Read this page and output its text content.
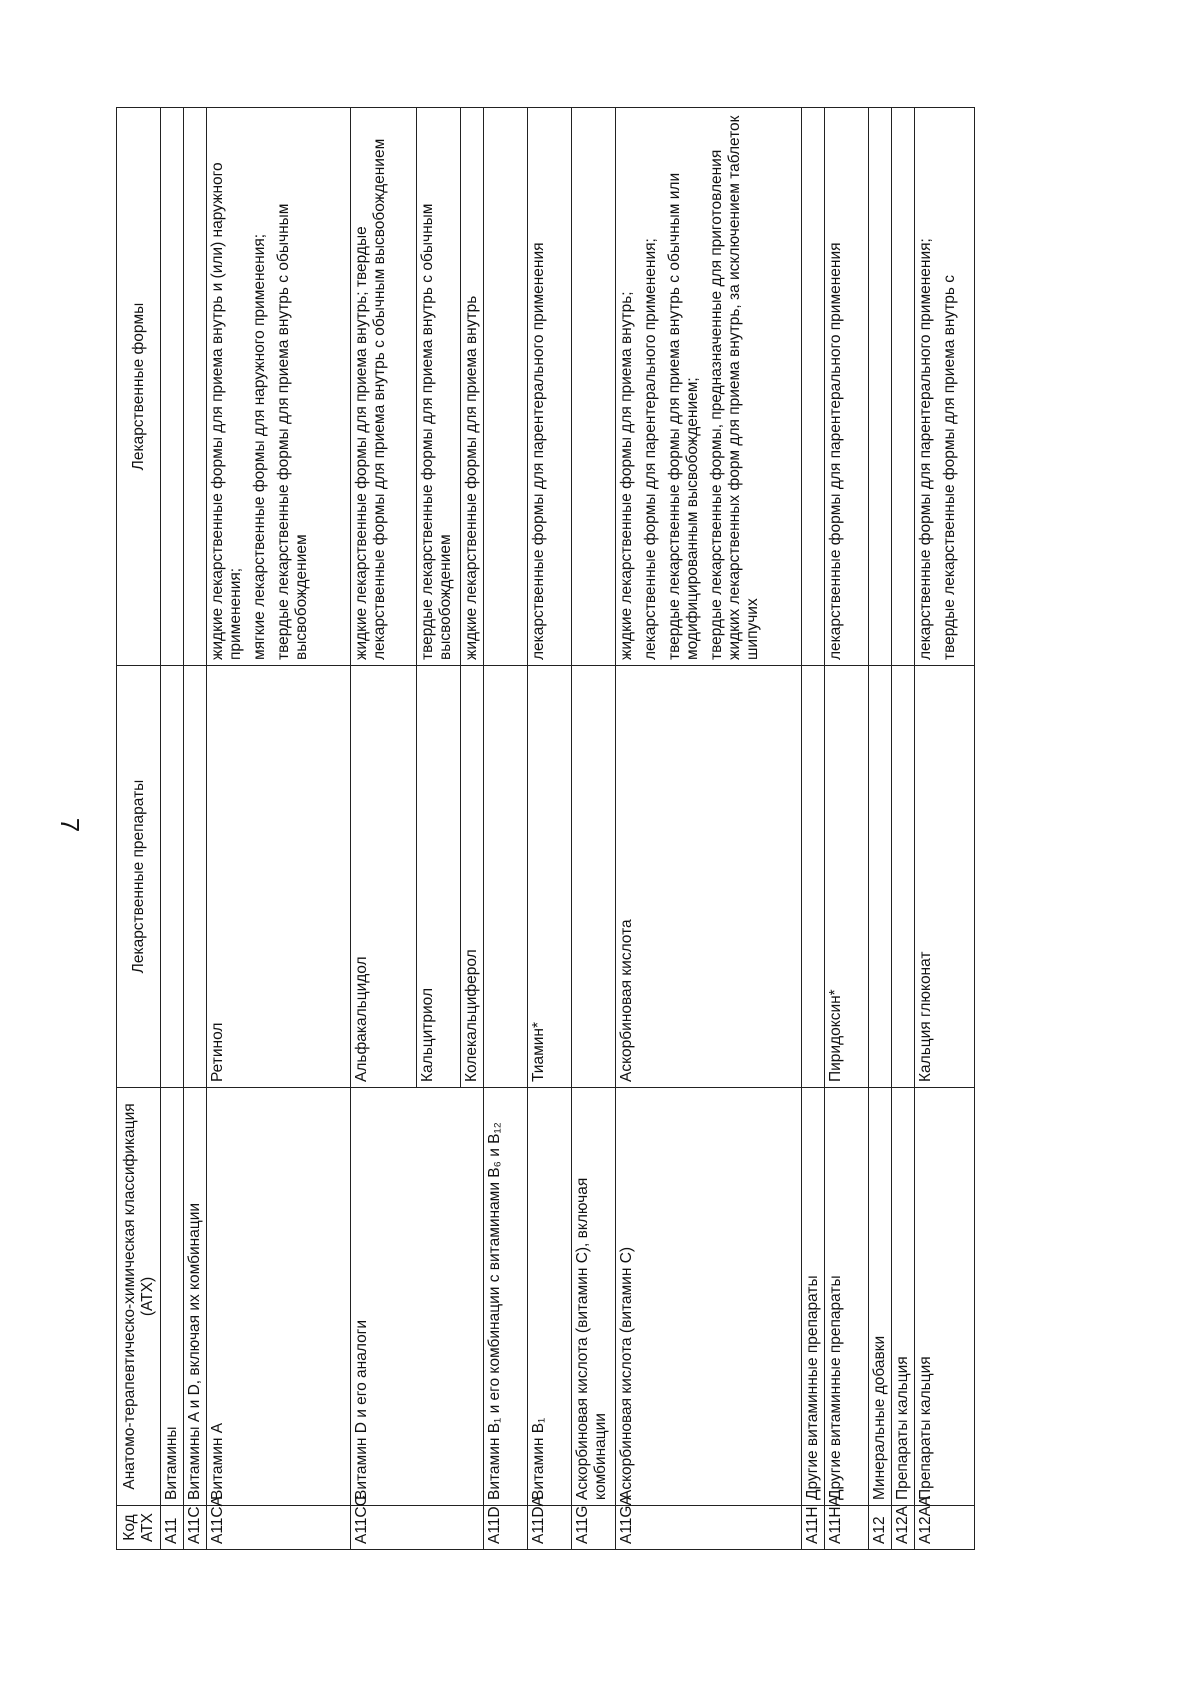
7
Код АТХ	Анатомо-терапевтическо-химическая классификация (АТХ)	Лекарственные препараты	Лекарственные формы
A11	Витамины		
A11C	Витамины A и D, включая их комбинации		
A11CA	Витамин A	Ретинол	жидкие лекарственные формы для приема внутрь и (или) наружного применения; мягкие лекарственные формы для наружного применения; твердые лекарственные формы для приема внутрь с обычным высвобождением

A11CC	Витамин D и его аналоги	Альфакальцидол	жидкие лекарственные формы для приема внутрь; твердые лекарственные формы для приема внутрь с обычным высвобождением

		Кальцитриол	твердые лекарственные формы для приема внутрь с обычным высвобождением

		Колекальциферол	жидкие лекарственные формы для приема внутрь

A11D	Витамин B₁ и его комбинации с витаминами B₆ и B₁₂		
A11DA	Витамин B₁	Тиамин*	лекарственные формы для парентерального применения

A11G	Аскорбиновая кислота (витамин C), включая комбинации		
A11GA	Аскорбиновая кислота (витамин C)	Аскорбиновая кислота	жидкие лекарственные формы для приема внутрь; лекарственные формы для парентерального применения; твердые лекарственные формы для приема внутрь с обычным или модифицированным высвобождением; твердые лекарственные формы, предназначенные для приготовления жидких лекарственных форм для приема внутрь, за исключением таблеток шипучих

A11H	Другие витаминные препараты		
A11HA	Другие витаминные препараты	Пиридоксин*	лекарственные формы для парентерального применения

A12	Минеральные добавки		
A12A	Препараты кальция		
A12AA	Препараты кальция	Кальция глюконат	лекарственные формы для парентерального применения; твердые лекарственные формы для приема внутрь с
